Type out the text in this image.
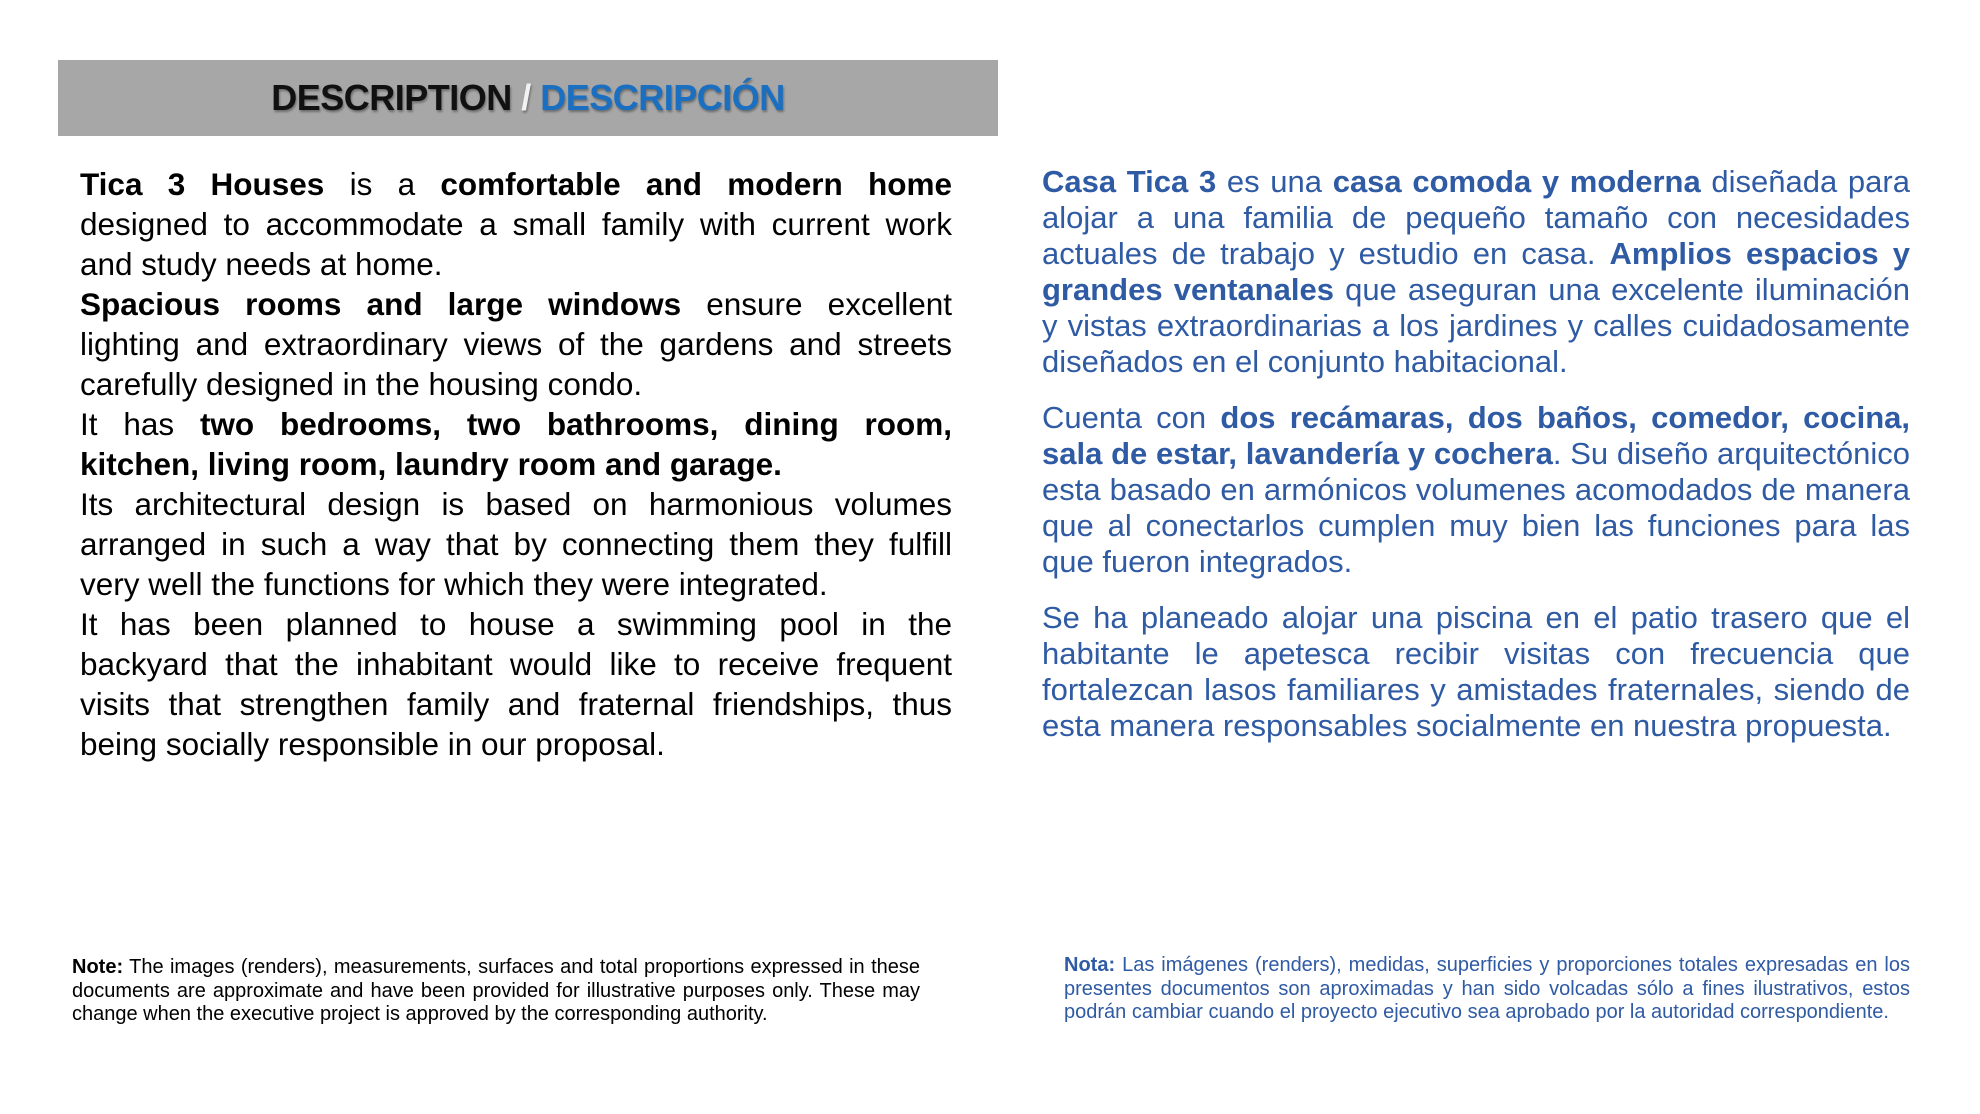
DESCRIPTION / DESCRIPCIÓN

Tica 3 Houses is a comfortable and modern home designed to accommodate a small family with current work and study needs at home.

Spacious rooms and large windows ensure excellent lighting and extraordinary views of the gardens and streets carefully designed in the housing condo.

It has two bedrooms, two bathrooms, dining room, kitchen, living room, laundry room and garage.

Its architectural design is based on harmonious volumes arranged in such a way that by connecting them they fulfill very well the functions for which they were integrated.

It has been planned to house a swimming pool in the backyard that the inhabitant would like to receive frequent visits that strengthen family and fraternal friendships, thus being socially responsible in our proposal.

Casa Tica 3 es una casa comoda y moderna diseñada para alojar a una familia de pequeño tamaño con necesidades actuales de trabajo y estudio en casa. Amplios espacios y grandes ventanales que aseguran una excelente iluminación y vistas extraordinarias a los jardines y calles cuidadosamente diseñados en el conjunto habitacional.

Cuenta con dos recámaras, dos baños, comedor, cocina, sala de estar, lavandería y cochera. Su diseño arquitectónico esta basado en armónicos volumenes acomodados de manera que al conectarlos cumplen muy bien las funciones para las que fueron integrados.

Se ha planeado alojar una piscina en el patio trasero que el habitante le apetesca recibir visitas con frecuencia que fortalezcan lasos familiares y amistades fraternales, siendo de esta manera responsables socialmente en nuestra propuesta.

Note: The images (renders), measurements, surfaces and total proportions expressed in these documents are approximate and have been provided for illustrative purposes only. These may change when the executive project is approved by the corresponding authority.
Nota: Las imágenes (renders), medidas, superficies y proporciones totales expresadas en los presentes documentos son aproximadas y han sido volcadas sólo a fines ilustrativos, estos podrán cambiar cuando el proyecto ejecutivo sea aprobado por la autoridad correspondiente.
